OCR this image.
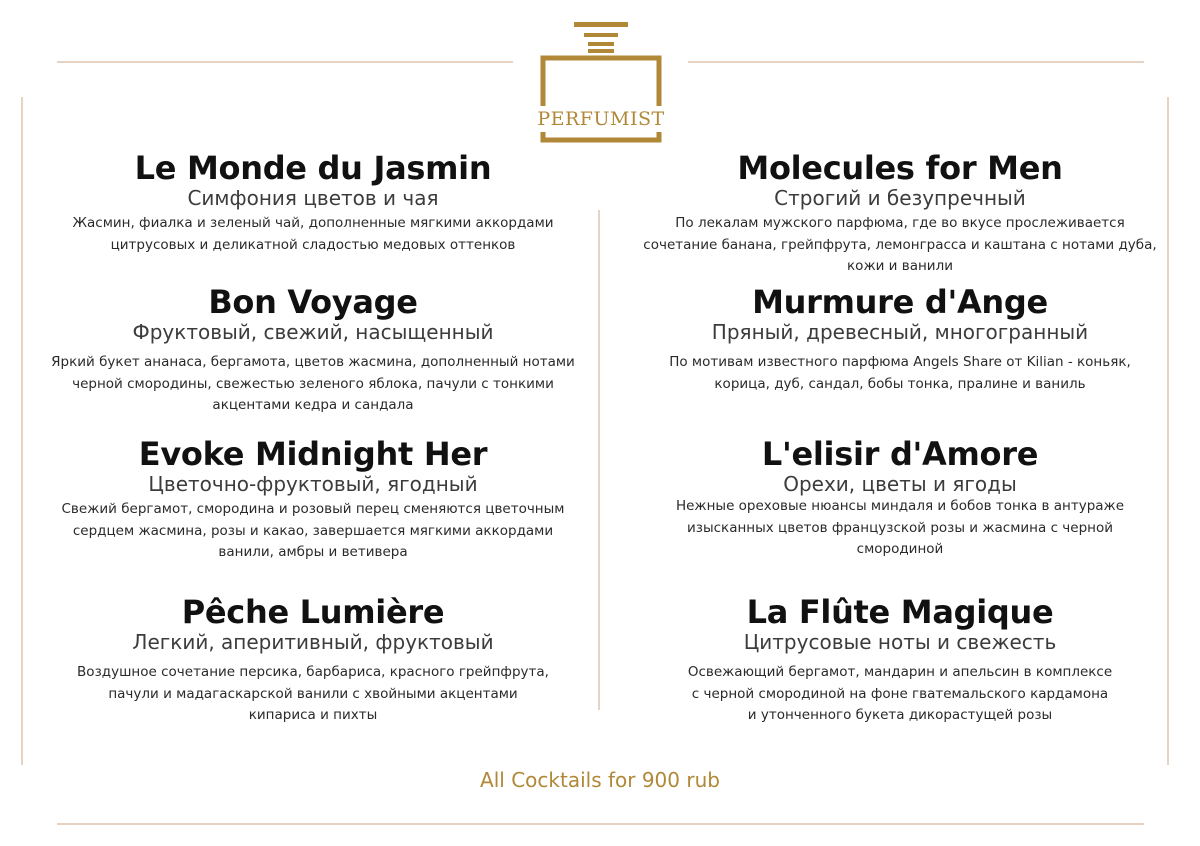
PERFUMIST
Le Monde du Jasmin
Симфония цветов и чая
Жасмин, фиалка и зеленый чай, дополненные мягкими аккордами
цитрусовых и деликатной сладостью медовых оттенков
Bon Voyage
Фруктовый, свежий, насыщенный
Яркий букет ананаса, бергамота, цветов жасмина, дополненный нотами
черной смородины, свежестью зеленого яблока, пачули с тонкими
акцентами кедра и сандала
Evoke Midnight Her
Цветочно-фруктовый, ягодный
Свежий бергамот, смородина и розовый перец сменяются цветочным
сердцем жасмина, розы и какао, завершается мягкими аккордами
ванили, амбры и ветивера
Pêche Lumière
Легкий, аперитивный, фруктовый
Воздушное сочетание персика, барбариса, красного грейпфрута,
пачули и мадагаскарской ванили с хвойными акцентами
кипариса и пихты
Molecules for Men
Строгий и безупречный
По лекалам мужского парфюма, где во вкусе прослеживается
сочетание банана, грейпфрута, лемонграсса и каштана с нотами дуба,
кожи и ванили
Murmure d'Ange
Пряный, древесный, многогранный
По мотивам известного парфюма Angels Share от Kilian - коньяк,
корица, дуб, сандал, бобы тонка, пралине и ваниль
L'elisir d'Amore
Орехи, цветы и ягоды
Нежные ореховые нюансы миндаля и бобов тонка в антураже
изысканных цветов французской розы и жасмина с черной
смородиной
La Flûte Magique
Цитрусовые ноты и свежесть
Освежающий бергамот, мандарин и апельсин в комплексе
с черной смородиной на фоне гватемальского кардамона
и утонченного букета дикорастущей розы
All Cocktails for 900 rub
